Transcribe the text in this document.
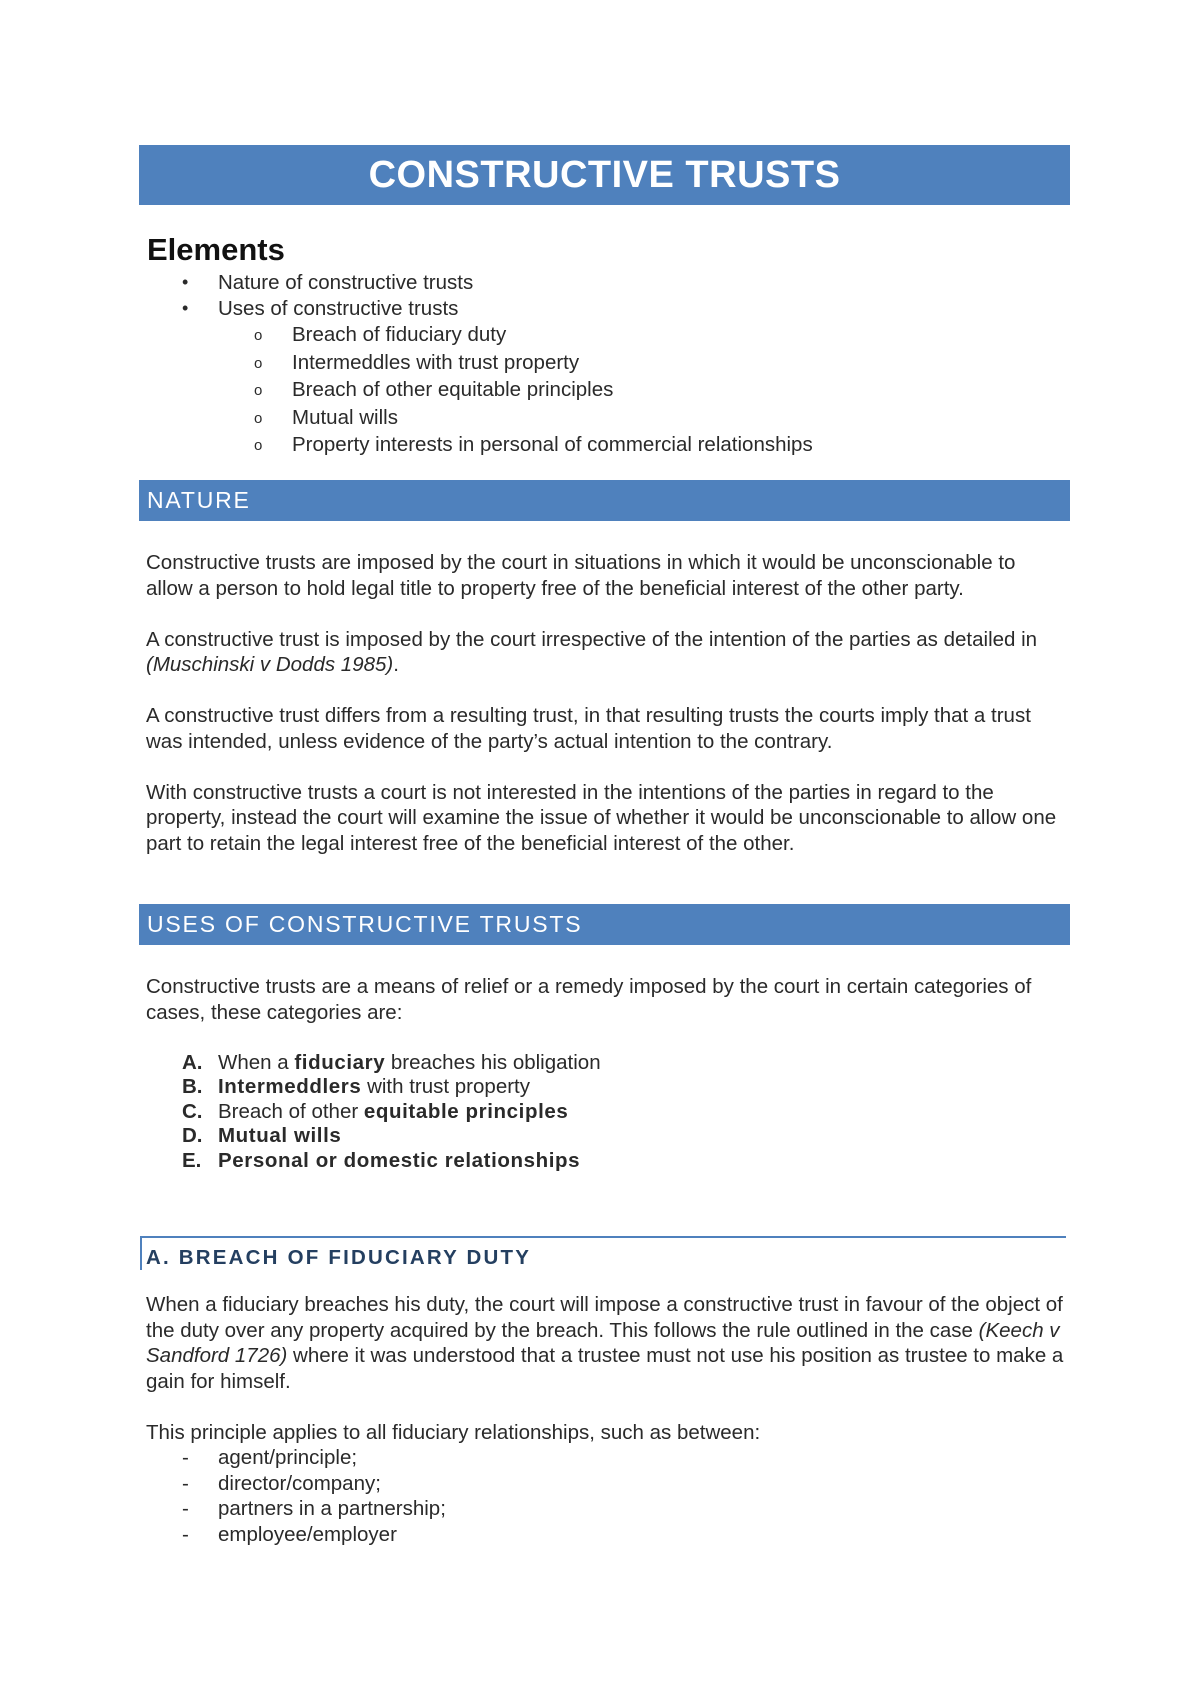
CONSTRUCTIVE TRUSTS
Elements
•	Nature of constructive trusts
•	Uses of constructive trusts
o	Breach of fiduciary duty
o	Intermeddles with trust property
o	Breach of other equitable principles
o	Mutual wills
o	Property interests in personal of commercial relationships
NATURE

Constructive trusts are imposed by the court in situations in which it would be unconscionable to allow a person to hold legal title to property free of the beneficial interest of the other party.

A constructive trust is imposed by the court irrespective of the intention of the parties as detailed in (Muschinski v Dodds 1985).

A constructive trust differs from a resulting trust, in that resulting trusts the courts imply that a trust was intended, unless evidence of the party’s actual intention to the contrary.

With constructive trusts a court is not interested in the intentions of the parties in regard to the property, instead the court will examine the issue of whether it would be unconscionable to allow one part to retain the legal interest free of the beneficial interest of the other.

USES OF CONSTRUCTIVE TRUSTS

Constructive trusts are a means of relief or a remedy imposed by the court in certain categories of cases, these categories are:

A. When a fiduciary breaches his obligation
B. Intermeddlers with trust property
C. Breach of other equitable principles
D. Mutual wills
E. Personal or domestic relationships
A. BREACH OF FIDUCIARY DUTY

When a fiduciary breaches his duty, the court will impose a constructive trust in favour of the object of the duty over any property acquired by the breach. This follows the rule outlined in the case (Keech v Sandford 1726) where it was understood that a trustee must not use his position as trustee to make a gain for himself.

This principle applies to all fiduciary relationships, such as between:

- agent/principle;
- director/company;
- partners in a partnership;
- employee/employer
